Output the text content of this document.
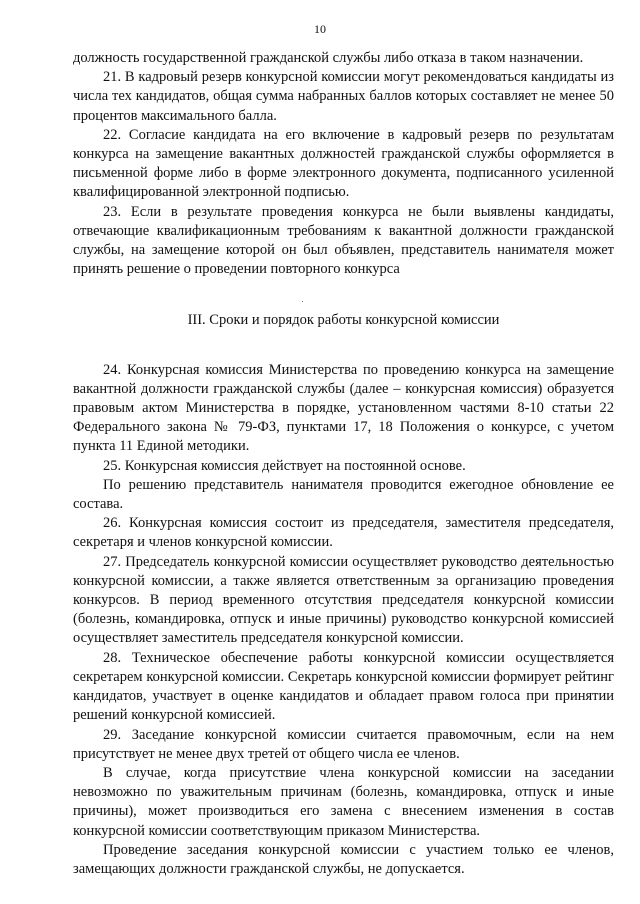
10

должность государственной гражданской службы либо отказа в таком назначении.

21. В кадровый резерв конкурсной комиссии могут рекомендоваться кандидаты из числа тех кандидатов, общая сумма набранных баллов которых составляет не менее 50 процентов максимального балла.

22. Согласие кандидата на его включение в кадровый резерв по результатам конкурса на замещение вакантных должностей гражданской службы оформляется в письменной форме либо в форме электронного документа, подписанного усиленной квалифицированной электронной подписью.

23. Если в результате проведения конкурса не были выявлены кандидаты, отвечающие квалификационным требованиям к вакантной должности гражданской службы, на замещение которой он был объявлен, представитель нанимателя может принять решение о проведении повторного конкурса

III. Сроки и порядок работы конкурсной комиссии

24. Конкурсная комиссия Министерства по проведению конкурса на замещение вакантной должности гражданской службы (далее – конкурсная комиссия) образуется правовым актом Министерства в порядке, установленном частями 8-10 статьи 22 Федерального закона № 79-ФЗ, пунктами 17, 18 Положения о конкурсе, с учетом пункта 11 Единой методики.

25. Конкурсная комиссия действует на постоянной основе.

По решению представитель нанимателя проводится ежегодное обновление ее состава.

26. Конкурсная комиссия состоит из председателя, заместителя председателя, секретаря и членов конкурсной комиссии.

27. Председатель конкурсной комиссии осуществляет руководство деятельностью конкурсной комиссии, а также является ответственным за организацию проведения конкурсов. В период временного отсутствия председателя конкурсной комиссии (болезнь, командировка, отпуск и иные причины) руководство конкурсной комиссией осуществляет заместитель председателя конкурсной комиссии.

28. Техническое обеспечение работы конкурсной комиссии осуществляется секретарем конкурсной комиссии. Секретарь конкурсной комиссии формирует рейтинг кандидатов, участвует в оценке кандидатов и обладает правом голоса при принятии решений конкурсной комиссией.

29. Заседание конкурсной комиссии считается правомочным, если на нем присутствует не менее двух третей от общего числа ее членов.

В случае, когда присутствие члена конкурсной комиссии на заседании невозможно по уважительным причинам (болезнь, командировка, отпуск и иные причины), может производиться его замена с внесением изменения в состав конкурсной комиссии соответствующим приказом Министерства.

Проведение заседания конкурсной комиссии с участием только ее членов, замещающих должности гражданской службы, не допускается.
